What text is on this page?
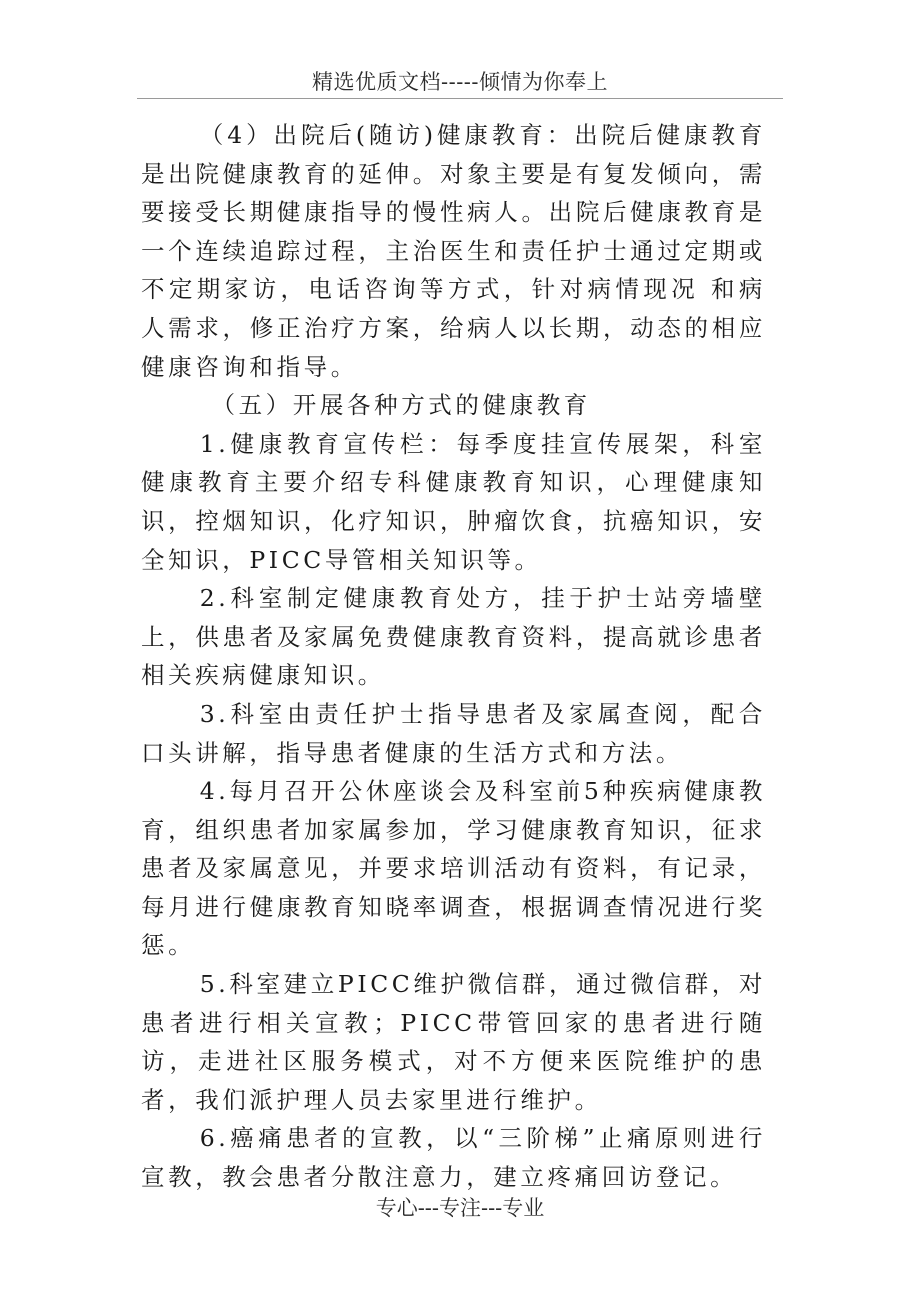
精选优质文档-----倾情为你奉上

（4）出院后(随访)健康教育：出院后健康教育是出院健康教育的延伸。对象主要是有复发倾向，需要接受长期健康指导的慢性病人。出院后健康教育是一个连续追踪过程，主治医生和责任护士通过定期或不定期家访，电话咨询等方式，针对病情现况 和病人需求，修正治疗方案，给病人以长期，动态的相应健康咨询和指导。

（五）开展各种方式的健康教育

1.健康教育宣传栏：每季度挂宣传展架，科室健康教育主要介绍专科健康教育知识，心理健康知识，控烟知识，化疗知识，肿瘤饮食，抗癌知识，安全知识，PICC导管相关知识等。

2.科室制定健康教育处方，挂于护士站旁墙壁上，供患者及家属免费健康教育资料，提高就诊患者相关疾病健康知识。

3.科室由责任护士指导患者及家属查阅，配合口头讲解，指导患者健康的生活方式和方法。

4.每月召开公休座谈会及科室前5种疾病健康教育，组织患者加家属参加，学习健康教育知识，征求患者及家属意见，并要求培训活动有资料，有记录，每月进行健康教育知晓率调查，根据调查情况进行奖惩。

5.科室建立PICC维护微信群，通过微信群，对患者进行相关宣教；PICC带管回家的患者进行随访，走进社区服务模式，对不方便来医院维护的患者，我们派护理人员去家里进行维护。

6.癌痛患者的宣教，以“三阶梯”止痛原则进行宣教，教会患者分散注意力，建立疼痛回访登记。

专心---专注---专业
